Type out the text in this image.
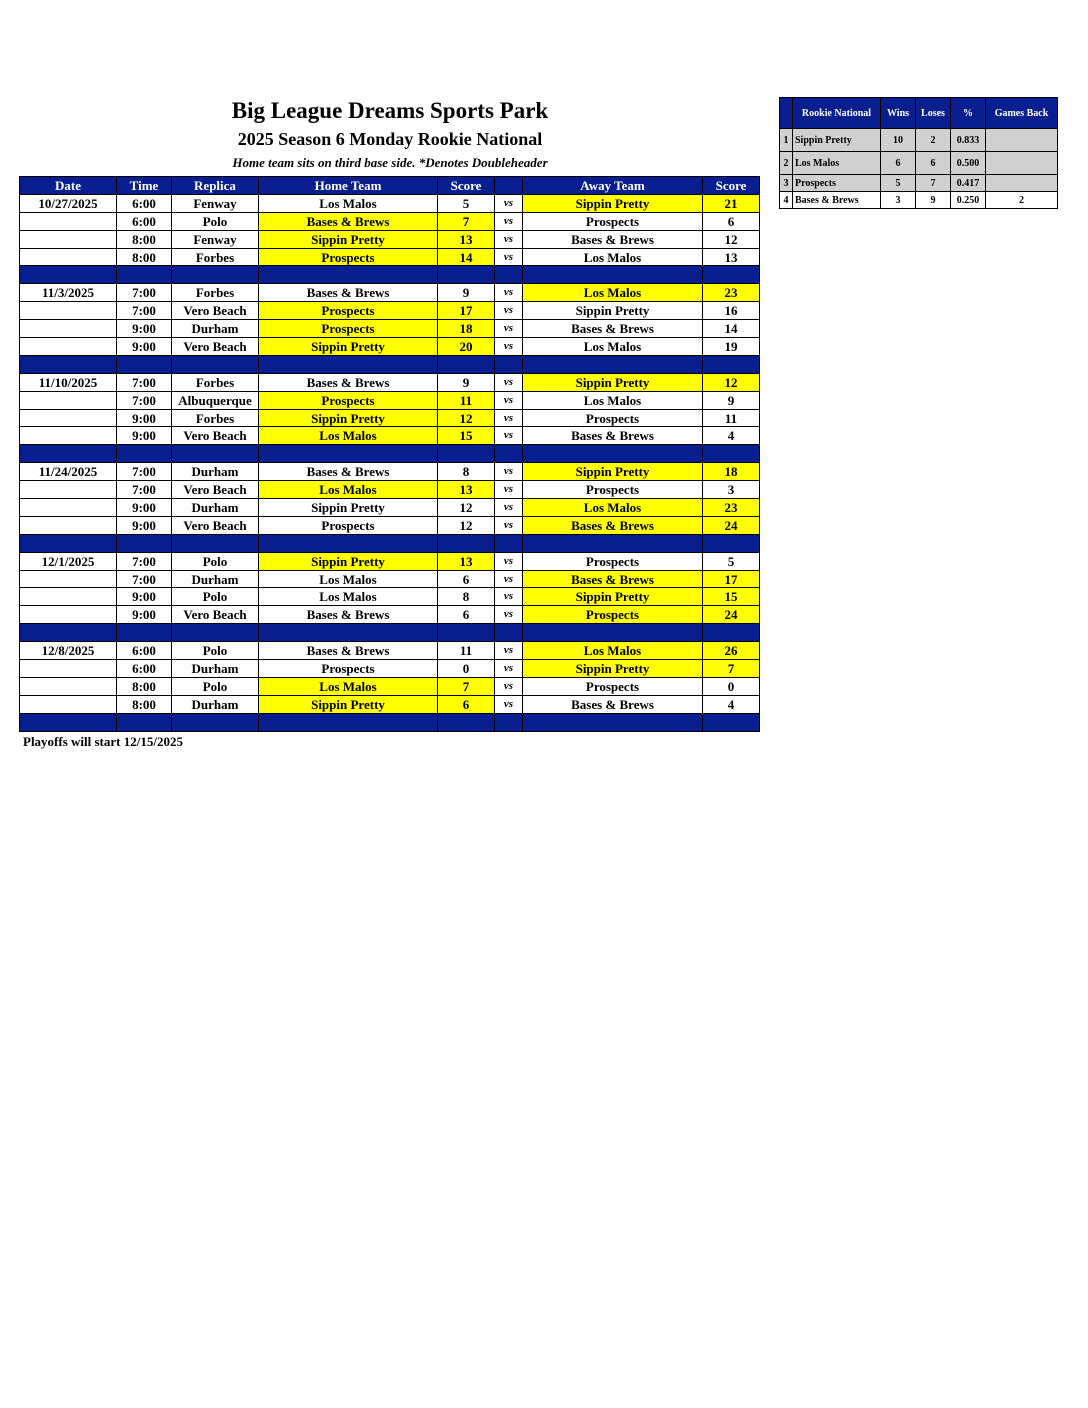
Big League Dreams Sports Park
2025 Season 6 Monday Rookie National
Home team sits on third base side. *Denotes Doubleheader
Date	Time	Replica	Home Team	Score		Away Team	Score
10/27/2025	6:00	Fenway	Los Malos	5	vs	Sippin Pretty	21
	6:00	Polo	Bases & Brews	7	vs	Prospects	6
	8:00	Fenway	Sippin Pretty	13	vs	Bases & Brews	12
	8:00	Forbes	Prospects	14	vs	Los Malos	13

11/3/2025	7:00	Forbes	Bases & Brews	9	vs	Los Malos	23
	7:00	Vero Beach	Prospects	17	vs	Sippin Pretty	16
	9:00	Durham	Prospects	18	vs	Bases & Brews	14
	9:00	Vero Beach	Sippin Pretty	20	vs	Los Malos	19

11/10/2025	7:00	Forbes	Bases & Brews	9	vs	Sippin Pretty	12
	7:00	Albuquerque	Prospects	11	vs	Los Malos	9
	9:00	Forbes	Sippin Pretty	12	vs	Prospects	11
	9:00	Vero Beach	Los Malos	15	vs	Bases & Brews	4

11/24/2025	7:00	Durham	Bases & Brews	8	vs	Sippin Pretty	18
	7:00	Vero Beach	Los Malos	13	vs	Prospects	3
	9:00	Durham	Sippin Pretty	12	vs	Los Malos	23
	9:00	Vero Beach	Prospects	12	vs	Bases & Brews	24

12/1/2025	7:00	Polo	Sippin Pretty	13	vs	Prospects	5
	7:00	Durham	Los Malos	6	vs	Bases & Brews	17
	9:00	Polo	Los Malos	8	vs	Sippin Pretty	15
	9:00	Vero Beach	Bases & Brews	6	vs	Prospects	24

12/8/2025	6:00	Polo	Bases & Brews	11	vs	Los Malos	26
	6:00	Durham	Prospects	0	vs	Sippin Pretty	7
	8:00	Polo	Los Malos	7	vs	Prospects	0
	8:00	Durham	Sippin Pretty	6	vs	Bases & Brews	4

	Rookie National	Wins	Loses	%	Games Back
1	Sippin Pretty	10	2	0.833	
2	Los Malos	6	6	0.500	
3	Prospects	5	7	0.417	
4	Bases & Brews	3	9	0.250	2
Playoffs will start 12/15/2025
